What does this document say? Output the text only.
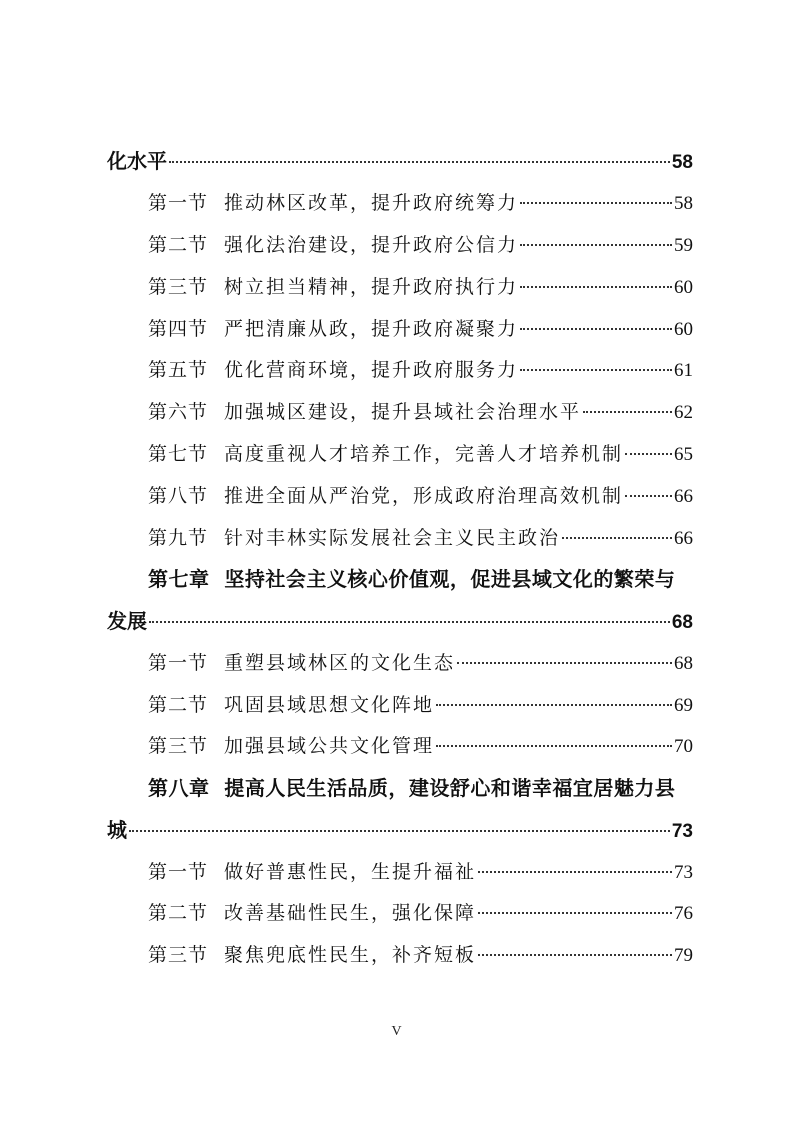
化水平	58
第一节 推动林区改革，提升政府统筹力	58
第二节 强化法治建设，提升政府公信力	59
第三节 树立担当精神，提升政府执行力	60
第四节 严把清廉从政，提升政府凝聚力	60
第五节 优化营商环境，提升政府服务力	61
第六节 加强城区建设，提升县域社会治理水平	62
第七节 高度重视人才培养工作，完善人才培养机制	65
第八节 推进全面从严治党，形成政府治理高效机制	66
第九节 针对丰林实际发展社会主义民主政治	66
第七章  坚持社会主义核心价值观，促进县域文化的繁荣与
发展	68
第一节 重塑县域林区的文化生态	68
第二节 巩固县域思想文化阵地	69
第三节 加强县域公共文化管理	70
第八章  提高人民生活品质，建设舒心和谐幸福宜居魅力县
城	73
第一节 做好普惠性民，生提升福祉	73
第二节 改善基础性民生，强化保障	76
第三节 聚焦兜底性民生，补齐短板	79
V
